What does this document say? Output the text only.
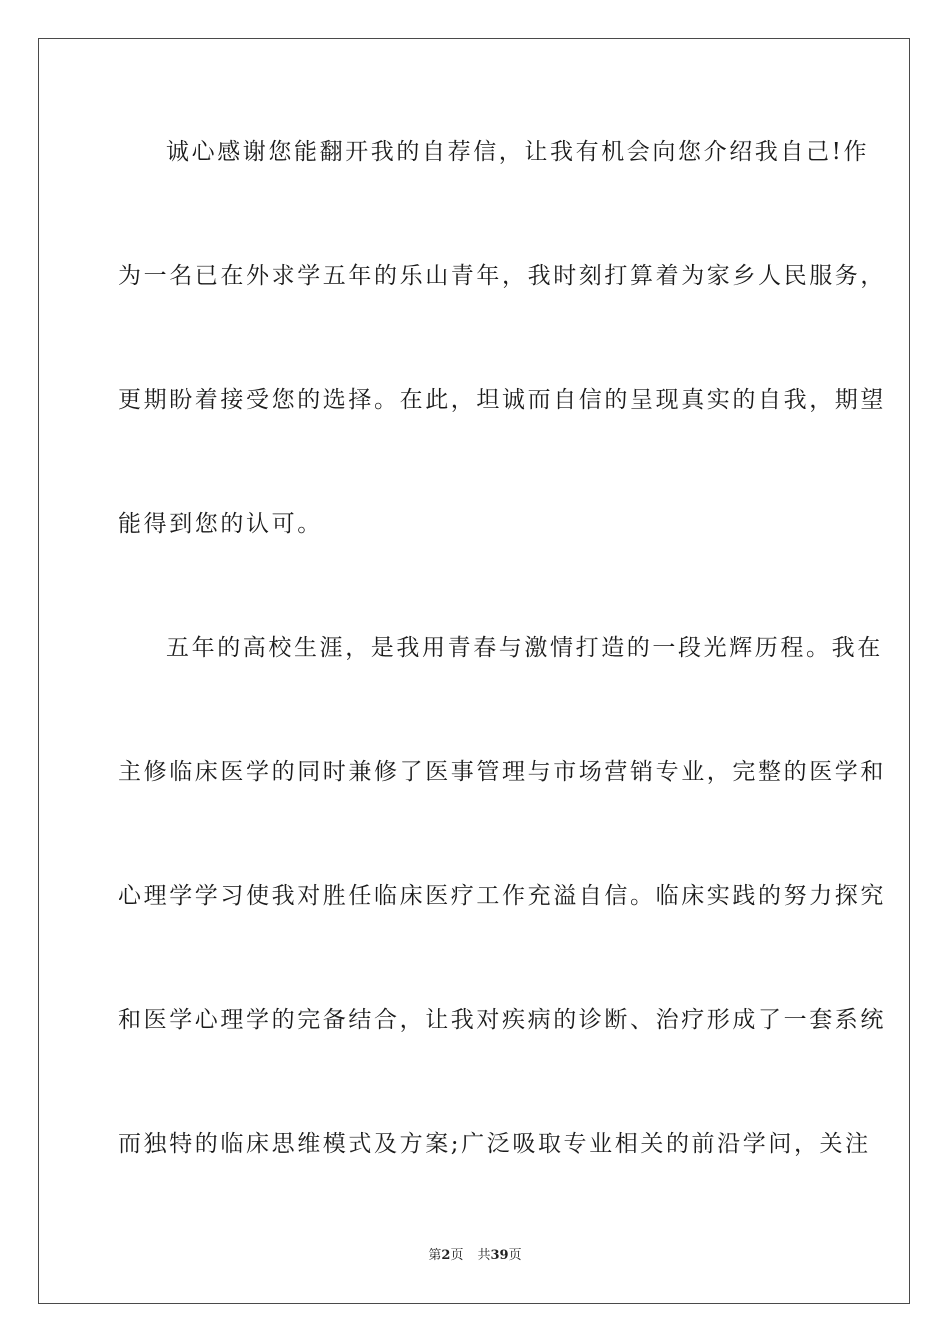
诚心感谢您能翻开我的自荐信，让我有机会向您介绍我自己!作
为一名已在外求学五年的乐山青年，我时刻打算着为家乡人民服务，
更期盼着接受您的选择。在此，坦诚而自信的呈现真实的自我，期望
能得到您的认可。
五年的高校生涯，是我用青春与激情打造的一段光辉历程。我在
主修临床医学的同时兼修了医事管理与市场营销专业，完整的医学和
心理学学习使我对胜任临床医疗工作充溢自信。临床实践的努力探究
和医学心理学的完备结合，让我对疾病的诊断、治疗形成了一套系统
而独特的临床思维模式及方案;广泛吸取专业相关的前沿学问，关注
第2页 共39页
